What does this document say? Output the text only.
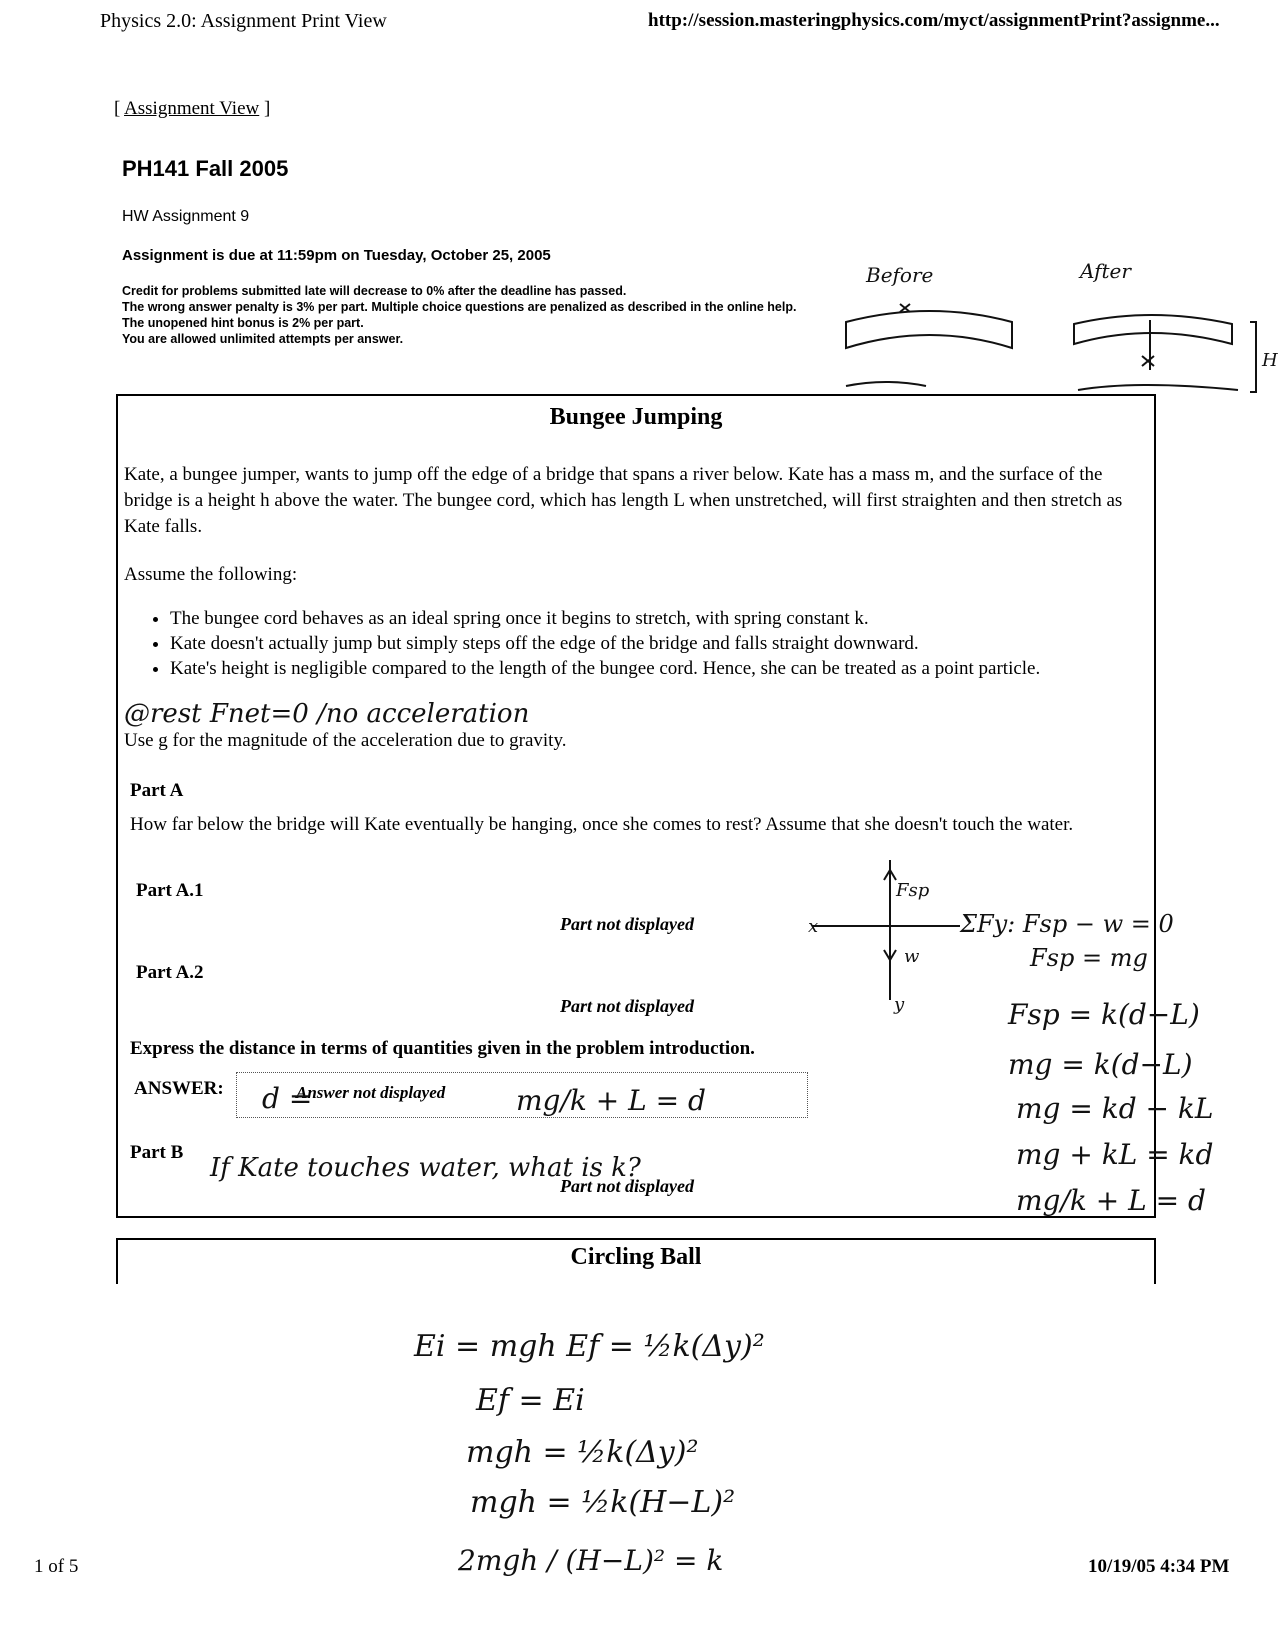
Physics 2.0: Assignment Print View	http://session.masteringphysics.com/myct/assignmentPrint?assignme...
[ Assignment View ]
PH141 Fall 2005
HW Assignment 9
Assignment is due at 11:59pm on Tuesday, October 25, 2005
Credit for problems submitted late will decrease to 0% after the deadline has passed.
The wrong answer penalty is 3% per part. Multiple choice questions are penalized as described in the online help.
The unopened hint bonus is 2% per part.
You are allowed unlimited attempts per answer.
Bungee Jumping
Kate, a bungee jumper, wants to jump off the edge of a bridge that spans a river below. Kate has a mass m, and the surface of the bridge is a height h above the water. The bungee cord, which has length L when unstretched, will first straighten and then stretch as Kate falls.
Assume the following:
• The bungee cord behaves as an ideal spring once it begins to stretch, with spring constant k.
• Kate doesn't actually jump but simply steps off the edge of the bridge and falls straight downward.
• Kate's height is negligible compared to the length of the bungee cord. Hence, she can be treated as a point particle.
Use g for the magnitude of the acceleration due to gravity.
Part A
How far below the bridge will Kate eventually be hanging, once she comes to rest? Assume that she doesn't touch the water.
Part A.1
Part not displayed
Part A.2
Part not displayed
Express the distance in terms of quantities given in the problem introduction.
ANSWER:	Answer not displayed
Part B
Part not displayed
Circling Ball
Before	After
H
@rest Fnet=0 /no acceleration
Fsp
x
y
w
ΣFy: Fsp − w = 0
Fsp = mg
Fsp = k(d−L)
mg = k(d−L)
mg = kd − kL
mg + kL = kd
mg/k + L = d
d =	mg/k + L = d
If Kate touches water, what is k?
Ei = mgh Ef = ½k(Δy)²
Ef = Ei
mgh = ½k(Δy)²
mgh = ½k(H−L)²
2mgh / (H−L)² = k
1 of 5	10/19/05 4:34 PM
